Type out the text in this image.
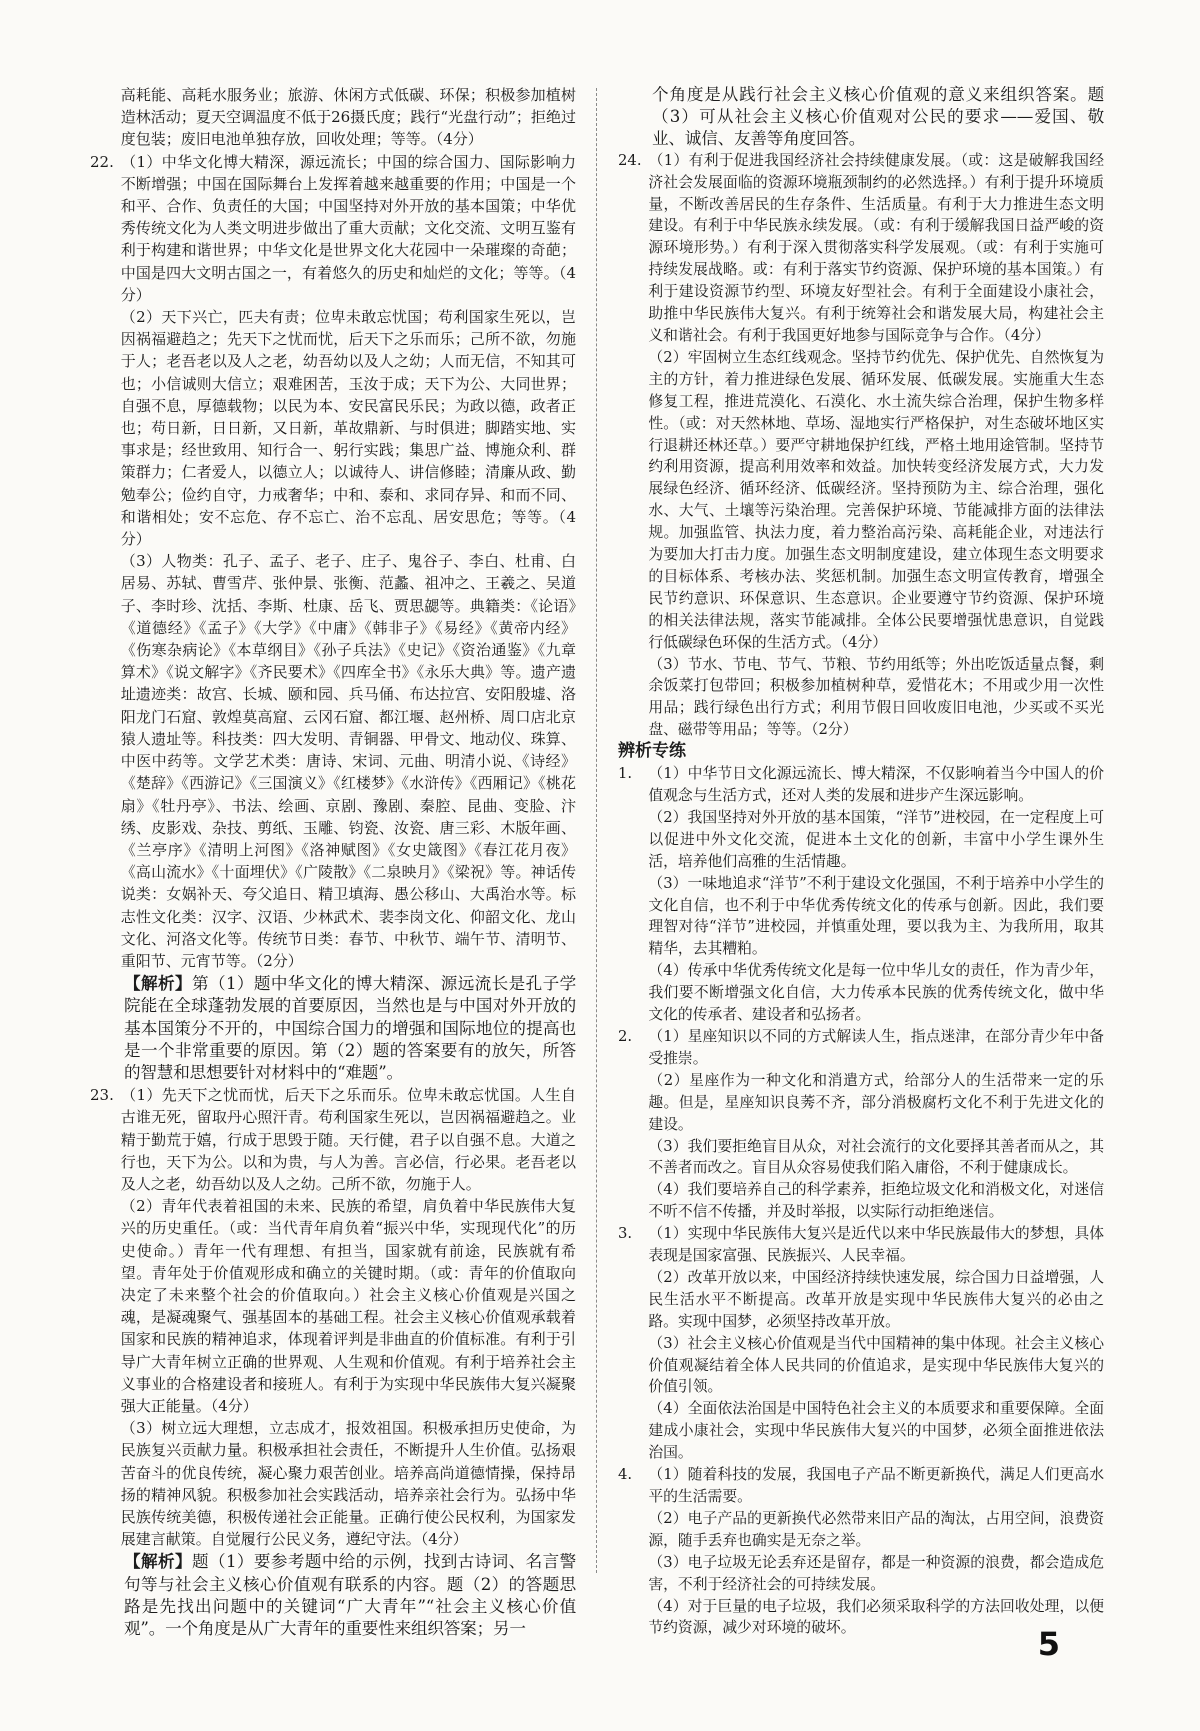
高耗能、高耗水服务业；旅游、休闲方式低碳、环保；积极参加植树造林活动；夏天空调温度不低于26摄氏度；践行“光盘行动”；拒绝过度包装；废旧电池单独存放，回收处理；等等。（4分）

22. （1）中华文化博大精深，源远流长；中国的综合国力、国际影响力不断增强；中国在国际舞台上发挥着越来越重要的作用；中国是一个和平、合作、负责任的大国；中国坚持对外开放的基本国策；中华优秀传统文化为人类文明进步做出了重大贡献；文化交流、文明互鉴有利于构建和谐世界；中华文化是世界文化大花园中一朵璀璨的奇葩；中国是四大文明古国之一，有着悠久的历史和灿烂的文化；等等。（4分）

（2）天下兴亡，匹夫有责；位卑未敢忘忧国；苟利国家生死以，岂因祸福避趋之；先天下之忧而忧，后天下之乐而乐；己所不欲，勿施于人；老吾老以及人之老，幼吾幼以及人之幼；人而无信，不知其可也；小信诚则大信立；艰难困苦，玉汝于成；天下为公、大同世界；自强不息，厚德载物；以民为本、安民富民乐民；为政以德，政者正也；苟日新，日日新，又日新，革故鼎新、与时俱进；脚踏实地、实事求是；经世致用、知行合一、躬行实践；集思广益、博施众利、群策群力；仁者爱人，以德立人；以诚待人、讲信修睦；清廉从政、勤勉奉公；俭约自守，力戒奢华；中和、泰和、求同存异、和而不同、和谐相处；安不忘危、存不忘亡、治不忘乱、居安思危；等等。（4分）

（3）人物类：孔子、孟子、老子、庄子、鬼谷子、李白、杜甫、白居易、苏轼、曹雪芹、张仲景、张衡、范蠡、祖冲之、王羲之、吴道子、李时珍、沈括、李斯、杜康、岳飞、贾思勰等。典籍类：《论语》《道德经》《孟子》《大学》《中庸》《韩非子》《易经》《黄帝内经》《伤寒杂病论》《本草纲目》《孙子兵法》《史记》《资治通鉴》《九章算术》《说文解字》《齐民要术》《四库全书》《永乐大典》等。遗产遗址遗迹类：故宫、长城、颐和园、兵马俑、布达拉宫、安阳殷墟、洛阳龙门石窟、敦煌莫高窟、云冈石窟、都江堰、赵州桥、周口店北京猿人遗址等。科技类：四大发明、青铜器、甲骨文、地动仪、珠算、中医中药等。文学艺术类：唐诗、宋词、元曲、明清小说、《诗经》《楚辞》《西游记》《三国演义》《红楼梦》《水浒传》《西厢记》《桃花扇》《牡丹亭》、书法、绘画、京剧、豫剧、秦腔、昆曲、变脸、汴绣、皮影戏、杂技、剪纸、玉雕、钧瓷、汝瓷、唐三彩、木版年画、《兰亭序》《清明上河图》《洛神赋图》《女史箴图》《春江花月夜》《高山流水》《十面埋伏》《广陵散》《二泉映月》《梁祝》等。神话传说类：女娲补天、夸父追日、精卫填海、愚公移山、大禹治水等。标志性文化类：汉字、汉语、少林武术、裴李岗文化、仰韶文化、龙山文化、河洛文化等。传统节日类：春节、中秋节、端午节、清明节、重阳节、元宵节等。（2分）

【解析】第（1）题中华文化的博大精深、源远流长是孔子学院能在全球蓬勃发展的首要原因，当然也是与中国对外开放的基本国策分不开的，中国综合国力的增强和国际地位的提高也是一个非常重要的原因。第（2）题的答案要有的放矢，所答的智慧和思想要针对材料中的“难题”。

23. （1）先天下之忧而忧，后天下之乐而乐。位卑未敢忘忧国。人生自古谁无死，留取丹心照汗青。苟利国家生死以，岂因祸福避趋之。业精于勤荒于嬉，行成于思毁于随。天行健，君子以自强不息。大道之行也，天下为公。以和为贵，与人为善。言必信，行必果。老吾老以及人之老，幼吾幼以及人之幼。己所不欲，勿施于人。

（2）青年代表着祖国的未来、民族的希望，肩负着中华民族伟大复兴的历史重任。（或：当代青年肩负着“振兴中华，实现现代化”的历史使命。）青年一代有理想、有担当，国家就有前途，民族就有希望。青年处于价值观形成和确立的关键时期。（或：青年的价值取向决定了未来整个社会的价值取向。）社会主义核心价值观是兴国之魂，是凝魂聚气、强基固本的基础工程。社会主义核心价值观承载着国家和民族的精神追求，体现着评判是非曲直的价值标准。有利于引导广大青年树立正确的世界观、人生观和价值观。有利于培养社会主义事业的合格建设者和接班人。有利于为实现中华民族伟大复兴凝聚强大正能量。（4分）

（3）树立远大理想，立志成才，报效祖国。积极承担历史使命，为民族复兴贡献力量。积极承担社会责任，不断提升人生价值。弘扬艰苦奋斗的优良传统，凝心聚力艰苦创业。培养高尚道德情操，保持昂扬的精神风貌。积极参加社会实践活动，培养亲社会行为。弘扬中华民族传统美德，积极传递社会正能量。正确行使公民权利，为国家发展建言献策。自觉履行公民义务，遵纪守法。（4分）

【解析】题（1）要参考题中给的示例，找到古诗词、名言警句等与社会主义核心价值观有联系的内容。题（2）的答题思路是先找出问题中的关键词“广大青年”“社会主义核心价值观”。一个角度是从广大青年的重要性来组织答案；另一

个角度是从践行社会主义核心价值观的意义来组织答案。题（3）可从社会主义核心价值观对公民的要求——爱国、敬业、诚信、友善等角度回答。

24. （1）有利于促进我国经济社会持续健康发展。（或：这是破解我国经济社会发展面临的资源环境瓶颈制约的必然选择。）有利于提升环境质量，不断改善居民的生存条件、生活质量。有利于大力推进生态文明建设。有利于中华民族永续发展。（或：有利于缓解我国日益严峻的资源环境形势。）有利于深入贯彻落实科学发展观。（或：有利于实施可持续发展战略。或：有利于落实节约资源、保护环境的基本国策。）有利于建设资源节约型、环境友好型社会。有利于全面建设小康社会，助推中华民族伟大复兴。有利于统筹社会和谐发展大局，构建社会主义和谐社会。有利于我国更好地参与国际竞争与合作。（4分）

（2）牢固树立生态红线观念。坚持节约优先、保护优先、自然恢复为主的方针，着力推进绿色发展、循环发展、低碳发展。实施重大生态修复工程，推进荒漠化、石漠化、水土流失综合治理，保护生物多样性。（或：对天然林地、草场、湿地实行严格保护，对生态破坏地区实行退耕还林还草。）要严守耕地保护红线，严格土地用途管制。坚持节约利用资源，提高利用效率和效益。加快转变经济发展方式，大力发展绿色经济、循环经济、低碳经济。坚持预防为主、综合治理，强化水、大气、土壤等污染治理。完善保护环境、节能减排方面的法律法规。加强监管、执法力度，着力整治高污染、高耗能企业，对违法行为要加大打击力度。加强生态文明制度建设，建立体现生态文明要求的目标体系、考核办法、奖惩机制。加强生态文明宣传教育，增强全民节约意识、环保意识、生态意识。企业要遵守节约资源、保护环境的相关法律法规，落实节能减排。全体公民要增强忧患意识，自觉践行低碳绿色环保的生活方式。（4分）

（3）节水、节电、节气、节粮、节约用纸等；外出吃饭适量点餐，剩余饭菜打包带回；积极参加植树种草，爱惜花木；不用或少用一次性用品；践行绿色出行方式；利用节假日回收废旧电池，少买或不买光盘、磁带等用品；等等。（2分）

辨析专练

1. （1）中华节日文化源远流长、博大精深，不仅影响着当今中国人的价值观念与生活方式，还对人类的发展和进步产生深远影响。

（2）我国坚持对外开放的基本国策，“洋节”进校园，在一定程度上可以促进中外文化交流，促进本土文化的创新，丰富中小学生课外生活，培养他们高雅的生活情趣。

（3）一味地追求“洋节”不利于建设文化强国，不利于培养中小学生的文化自信，也不利于中华优秀传统文化的传承与创新。因此，我们要理智对待“洋节”进校园，并慎重处理，要以我为主、为我所用，取其精华，去其糟粕。

（4）传承中华优秀传统文化是每一位中华儿女的责任，作为青少年，我们要不断增强文化自信，大力传承本民族的优秀传统文化，做中华文化的传承者、建设者和弘扬者。

2. （1）星座知识以不同的方式解读人生，指点迷津，在部分青少年中备受推崇。

（2）星座作为一种文化和消遣方式，给部分人的生活带来一定的乐趣。但是，星座知识良莠不齐，部分消极腐朽文化不利于先进文化的建设。

（3）我们要拒绝盲目从众，对社会流行的文化要择其善者而从之，其不善者而改之。盲目从众容易使我们陷入庸俗，不利于健康成长。

（4）我们要培养自己的科学素养，拒绝垃圾文化和消极文化，对迷信不听不信不传播，并及时举报，以实际行动拒绝迷信。

3. （1）实现中华民族伟大复兴是近代以来中华民族最伟大的梦想，具体表现是国家富强、民族振兴、人民幸福。

（2）改革开放以来，中国经济持续快速发展，综合国力日益增强，人民生活水平不断提高。改革开放是实现中华民族伟大复兴的必由之路。实现中国梦，必须坚持改革开放。

（3）社会主义核心价值观是当代中国精神的集中体现。社会主义核心价值观凝结着全体人民共同的价值追求，是实现中华民族伟大复兴的价值引领。

（4）全面依法治国是中国特色社会主义的本质要求和重要保障。全面建成小康社会，实现中华民族伟大复兴的中国梦，必须全面推进依法治国。

4. （1）随着科技的发展，我国电子产品不断更新换代，满足人们更高水平的生活需要。

（2）电子产品的更新换代必然带来旧产品的淘汰，占用空间，浪费资源，随手丢弃也确实是无奈之举。

（3）电子垃圾无论丢弃还是留存，都是一种资源的浪费，都会造成危害，不利于经济社会的可持续发展。

（4）对于巨量的电子垃圾，我们必须采取科学的方法回收处理，以便节约资源，减少对环境的破坏。	5
